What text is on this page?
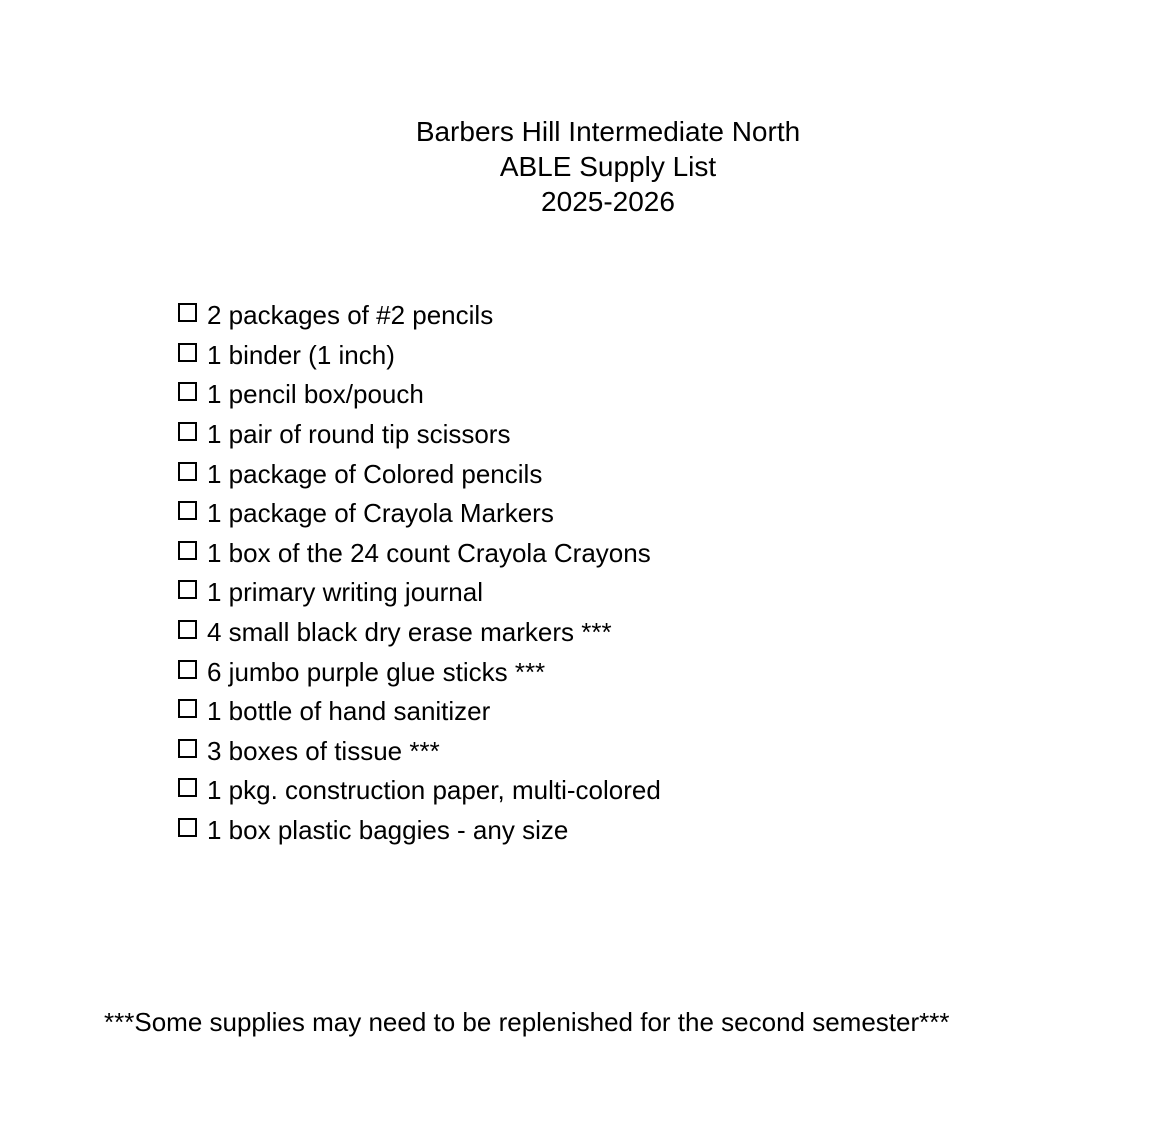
Barbers Hill Intermediate North
ABLE Supply List
2025-2026
2 packages of #2 pencils
1 binder (1 inch)
1 pencil box/pouch
1 pair of round tip scissors
1 package of Colored pencils
1 package of Crayola Markers
1 box of the 24 count Crayola Crayons
1 primary writing journal
4 small black dry erase markers ***
6 jumbo purple glue sticks ***
1 bottle of hand sanitizer
3 boxes of tissue ***
1 pkg. construction paper, multi-colored
1 box plastic baggies - any size
***Some supplies may need to be replenished for the second semester***
